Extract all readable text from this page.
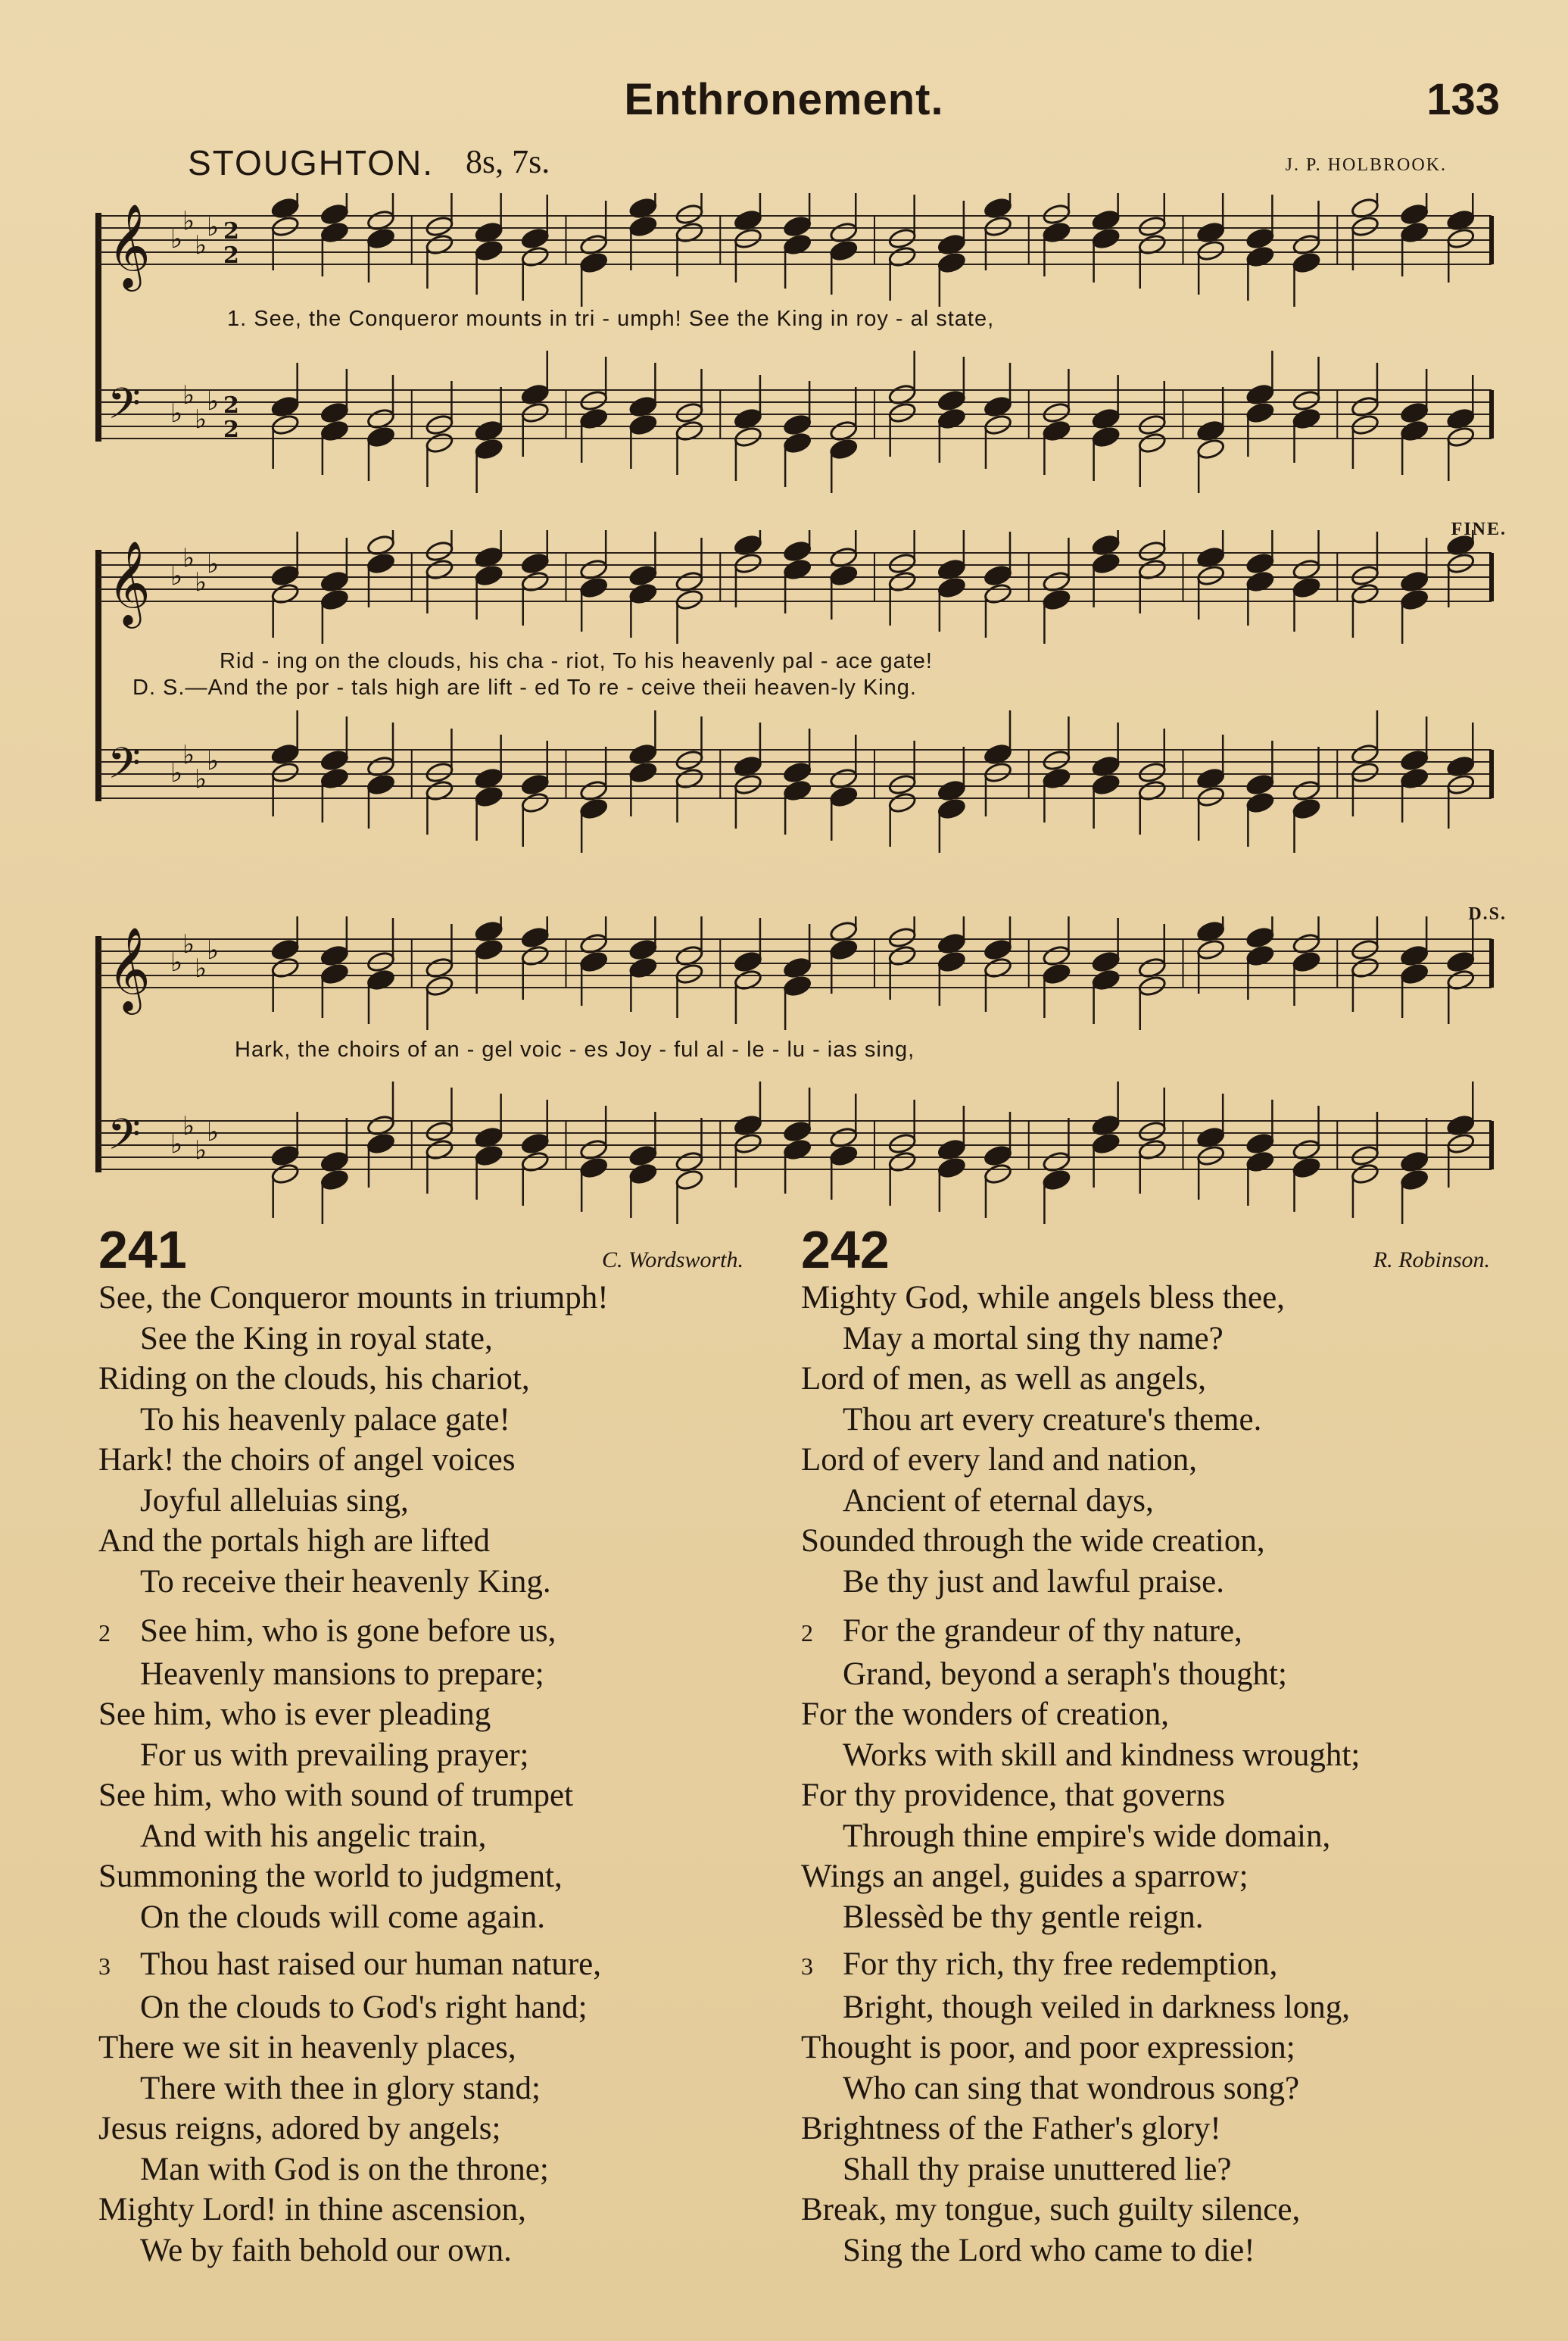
Enthronement.	133
STOUGHTON. 8s, 7s.	J. P. HOLBROOK.
𝄞 ♭
♭
♭
♭ 2
2
𝄢 ♭
♭
♭
♭ 2
2
1. See, the Conqueror mounts in tri - umph! See the King in roy - al state,
𝄞 ♭
♭
♭
♭
𝄢 ♭
♭
♭
♭
FINE.
Rid - ing on the clouds, his cha - riot, To his heavenly pal - ace gate!
D. S.—And the por - tals high are lift - ed To re - ceive theii heaven-ly King.
𝄞 ♭
♭
♭
♭
𝄢 ♭
♭
♭
♭
D.S.
Hark, the choirs of an - gel voic - es Joy - ful al - le - lu - ias sing,
241	C. Wordsworth.
See, the Conqueror mounts in triumph!
See the King in royal state,
Riding on the clouds, his chariot,
To his heavenly palace gate!
Hark! the choirs of angel voices
Joyful alleluias sing,
And the portals high are lifted
To receive their heavenly King.
2 See him, who is gone before us,
Heavenly mansions to prepare;
See him, who is ever pleading
For us with prevailing prayer;
See him, who with sound of trumpet
And with his angelic train,
Summoning the world to judgment,
On the clouds will come again.
3 Thou hast raised our human nature,
On the clouds to God's right hand;
There we sit in heavenly places,
There with thee in glory stand;
Jesus reigns, adored by angels;
Man with God is on the throne;
Mighty Lord! in thine ascension,
We by faith behold our own.
242	R. Robinson.
Mighty God, while angels bless thee,
May a mortal sing thy name?
Lord of men, as well as angels,
Thou art every creature's theme.
Lord of every land and nation,
Ancient of eternal days,
Sounded through the wide creation,
Be thy just and lawful praise.
2 For the grandeur of thy nature,
Grand, beyond a seraph's thought;
For the wonders of creation,
Works with skill and kindness wrought;
For thy providence, that governs
Through thine empire's wide domain,
Wings an angel, guides a sparrow;
Blessèd be thy gentle reign.
3 For thy rich, thy free redemption,
Bright, though veiled in darkness long,
Thought is poor, and poor expression;
Who can sing that wondrous song?
Brightness of the Father's glory!
Shall thy praise unuttered lie?
Break, my tongue, such guilty silence,
Sing the Lord who came to die!
